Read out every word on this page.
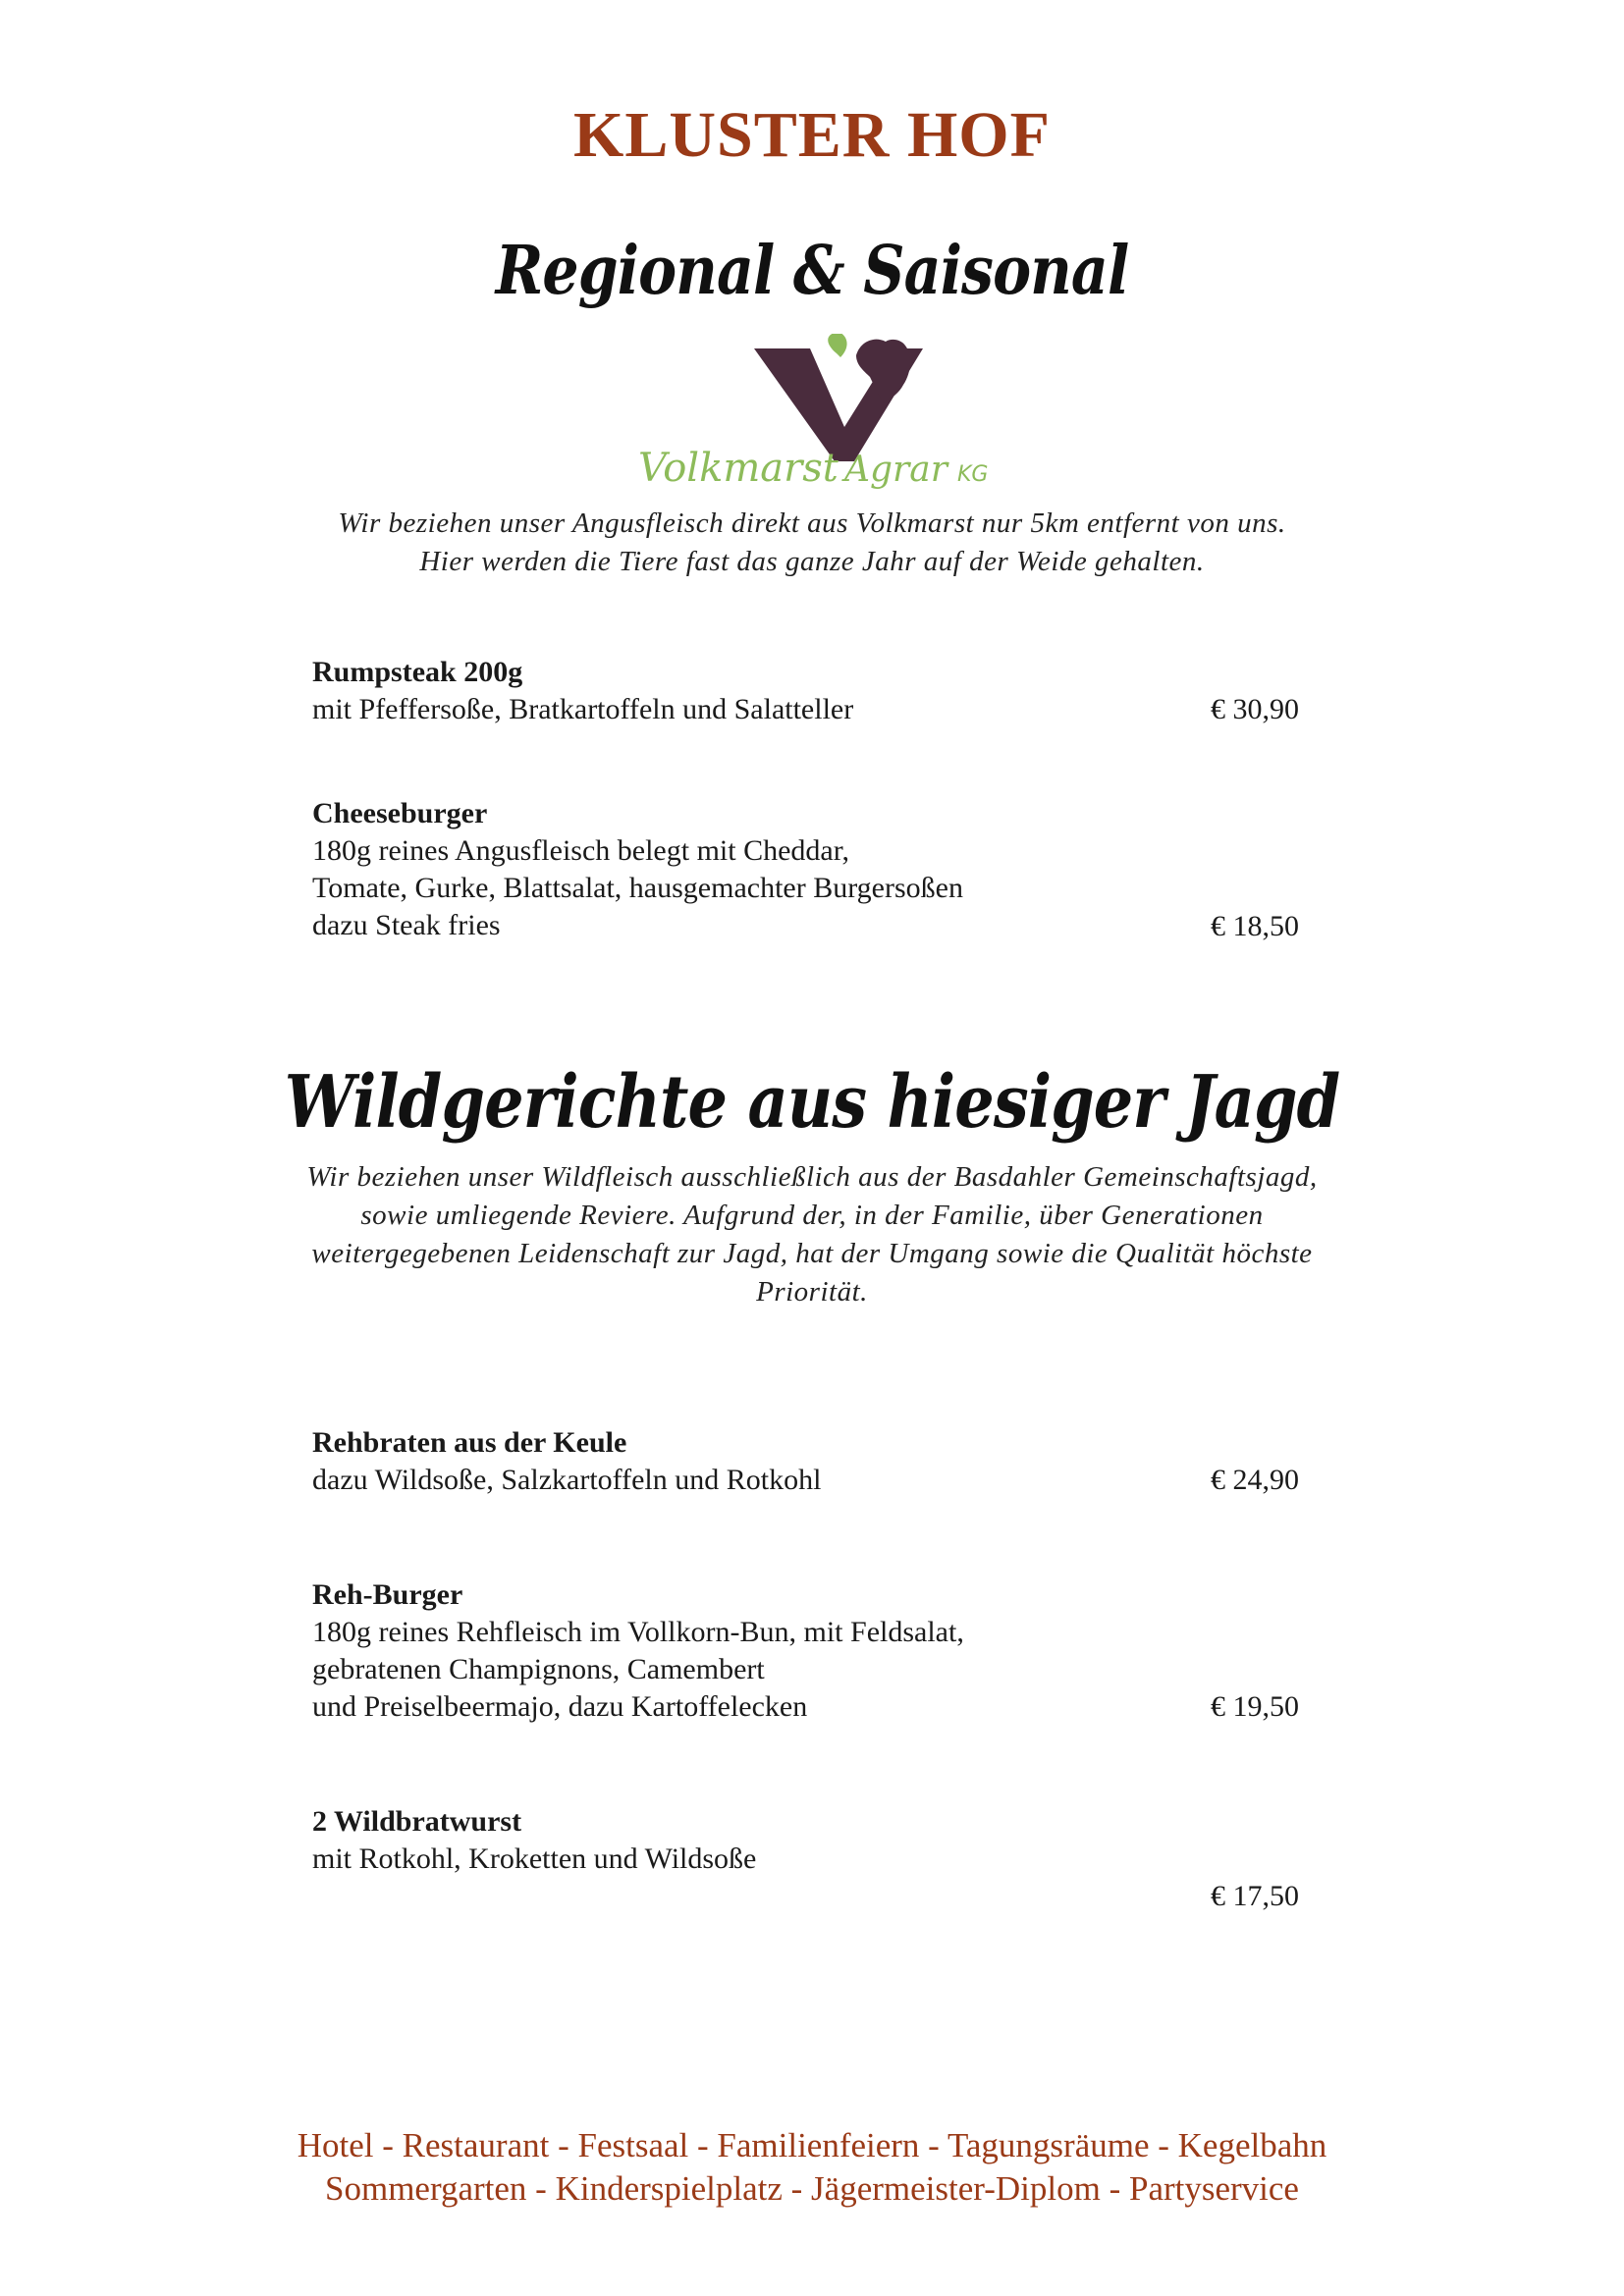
KLUSTER HOF
Regional & Saisonal
Volkmarst Agrar KG
Wir beziehen unser Angusfleisch direkt aus Volkmarst nur 5km entfernt von uns.
Hier werden die Tiere fast das ganze Jahr auf der Weide gehalten.
Rumpsteak 200g
mit Pfeffersoße, Bratkartoffeln und Salatteller	€ 30,90
Cheeseburger
180g reines Angusfleisch belegt mit Cheddar,
Tomate, Gurke, Blattsalat, hausgemachter Burgersoßen
dazu Steak fries	€ 18,50
Wildgerichte aus hiesiger Jagd
Wir beziehen unser Wildfleisch ausschließlich aus der Basdahler Gemeinschaftsjagd,
sowie umliegende Reviere. Aufgrund der, in der Familie, über Generationen
weitergegebenen Leidenschaft zur Jagd, hat der Umgang sowie die Qualität höchste
Priorität.
Rehbraten aus der Keule
dazu Wildsoße, Salzkartoffeln und Rotkohl	€ 24,90
Reh-Burger
180g reines Rehfleisch im Vollkorn-Bun, mit Feldsalat,
gebratenen Champignons, Camembert
und Preiselbeermajo, dazu Kartoffelecken	€ 19,50
2 Wildbratwurst
mit Rotkohl, Kroketten und Wildsoße
€ 17,50
Hotel - Restaurant - Festsaal - Familienfeiern - Tagungsräume - Kegelbahn
Sommergarten - Kinderspielplatz - Jägermeister-Diplom - Partyservice
